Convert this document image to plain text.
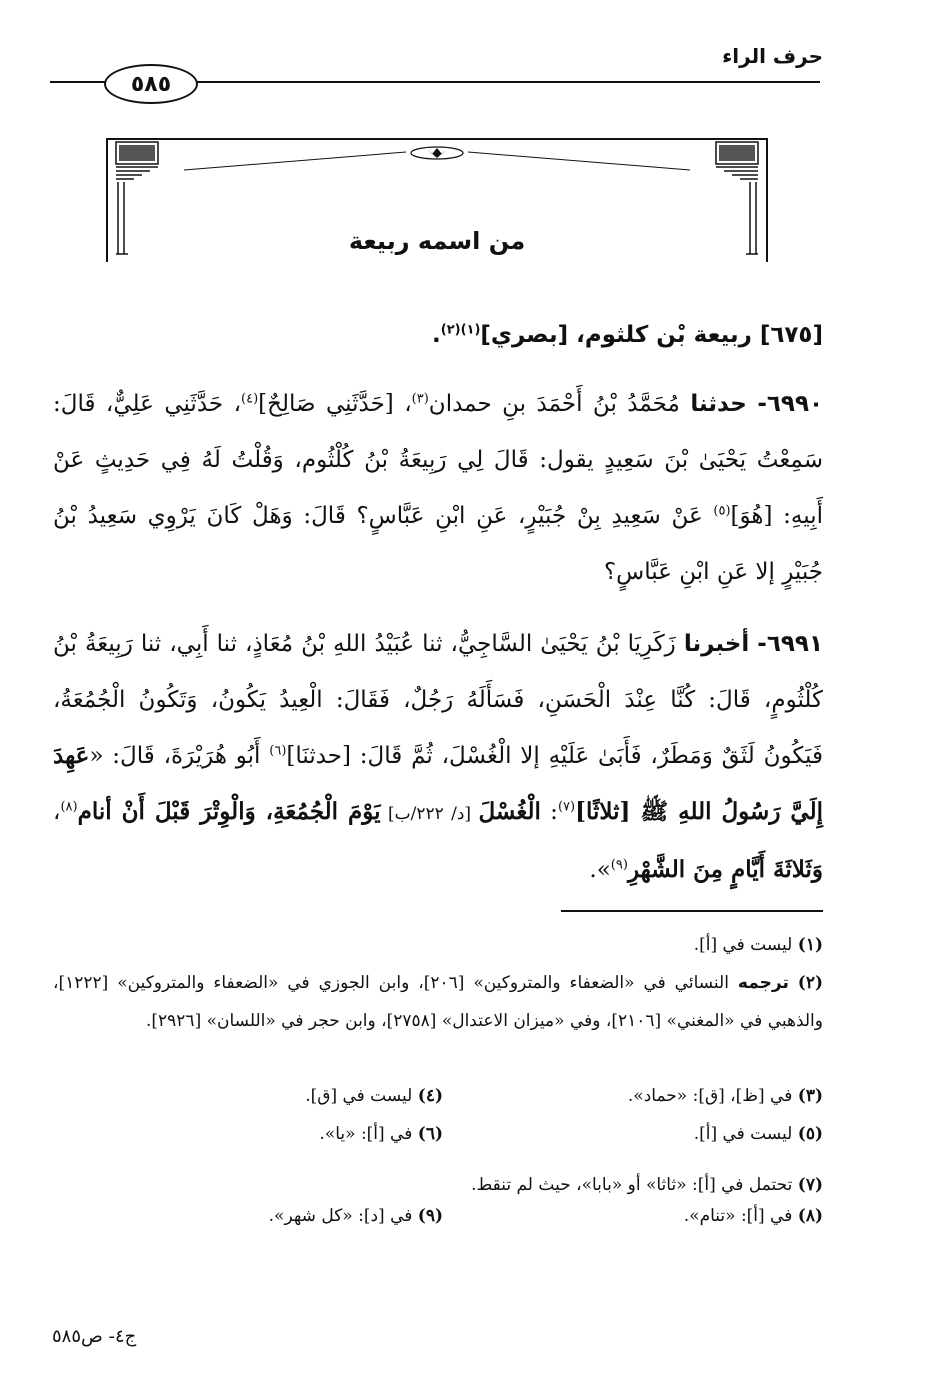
حرف الراء
٥٨٥
من اسمه ربيعة
[٦٧٥] ربيعة بْن كلثوم، [بصري]$^{(١)(٢)}$.
٦٩٩٠- حدثنا مُحَمَّدُ بْنُ أَحْمَدَ بنِ حمدان$^{(٣)}$، [حَدَّثَنِي صَالِحٌ]$^{(٤)}$، حَدَّثَنِي عَلِيٌّ، قَالَ: سَمِعْتُ يَحْيَىٰ بْنَ سَعِيدٍ يقول: قَالَ لِي رَبِيعَةُ بْنُ كُلْثُوم، وَقُلْتُ لَهُ فِي حَدِيثٍ عَنْ أَبِيهِ: [هُوَ]$^{(٥)}$ عَنْ سَعِيدِ بِنْ جُبَيْرٍ، عَنِ ابْنِ عَبَّاسٍ؟ قَالَ: وَهَلْ كَانَ يَرْوِي سَعِيدُ بْنُ جُبَيْرٍ إلا عَنِ ابْنِ عَبَّاسٍ؟
٦٩٩١- أخبرنا زَكَرِيَا بْنُ يَحْيَىٰ السَّاجِيُّ، ثنا عُبَيْدُ اللهِ بْنُ مُعَاذٍ، ثنا أَبِي، ثنا رَبِيعَةُ بْنُ كُلْثُومٍ، قَالَ: كُنَّا عِنْدَ الْحَسَنِ، فَسَأَلَهُ رَجُلٌ، فَقَالَ: الْعِيدُ يَكُونُ، وَتَكُونُ الْجُمُعَةُ، فَيَكُونُ لَثَقٌ وَمَطَرٌ، فَأَبَىٰ عَلَيْهِ إلا الْغُسْلَ، ثُمَّ قَالَ: [حدثنَا]$^{(٦)}$ أَبُو هُرَيْرَةَ، قَالَ: «عَهِدَ إِلَيَّ رَسُولُ اللهِ ﷺ [ثلاثًا]$^{(٧)}$: الْغُسْلَ [د/ ٢٢٢/ب] يَوْمَ الْجُمُعَةِ، وَالْوِتْرَ قَبْلَ أَنْ أنام$^{(٨)}$، وَثَلاثَةَ أَيَّامٍ مِنَ الشَّهْرِ$^{(٩)}$».
(١) ليست في [أ].
(٢) ترجمه النسائي في «الضعفاء والمتروكين» [٢٠٦]، وابن الجوزي في «الضعفاء والمتروكين» [١٢٢٢]، والذهبي في «المغني» [٢١٠٦]، وفي «ميزان الاعتدال» [٢٧٥٨]، وابن حجر في «اللسان» [٢٩٢٦].
(٣) في [ظ]، [ق]: «حماد».
(٤) ليست في [ق].
(٥) ليست في [أ].
(٦) في [أ]: «يا».
(٧) تحتمل في [أ]: «ثاثا» أو «بابا»، حيث لم تنقط.
(٨) في [أ]: «تنام».
(٩) في [د]: «كل شهر».
ج٤- ص٥٨٥
